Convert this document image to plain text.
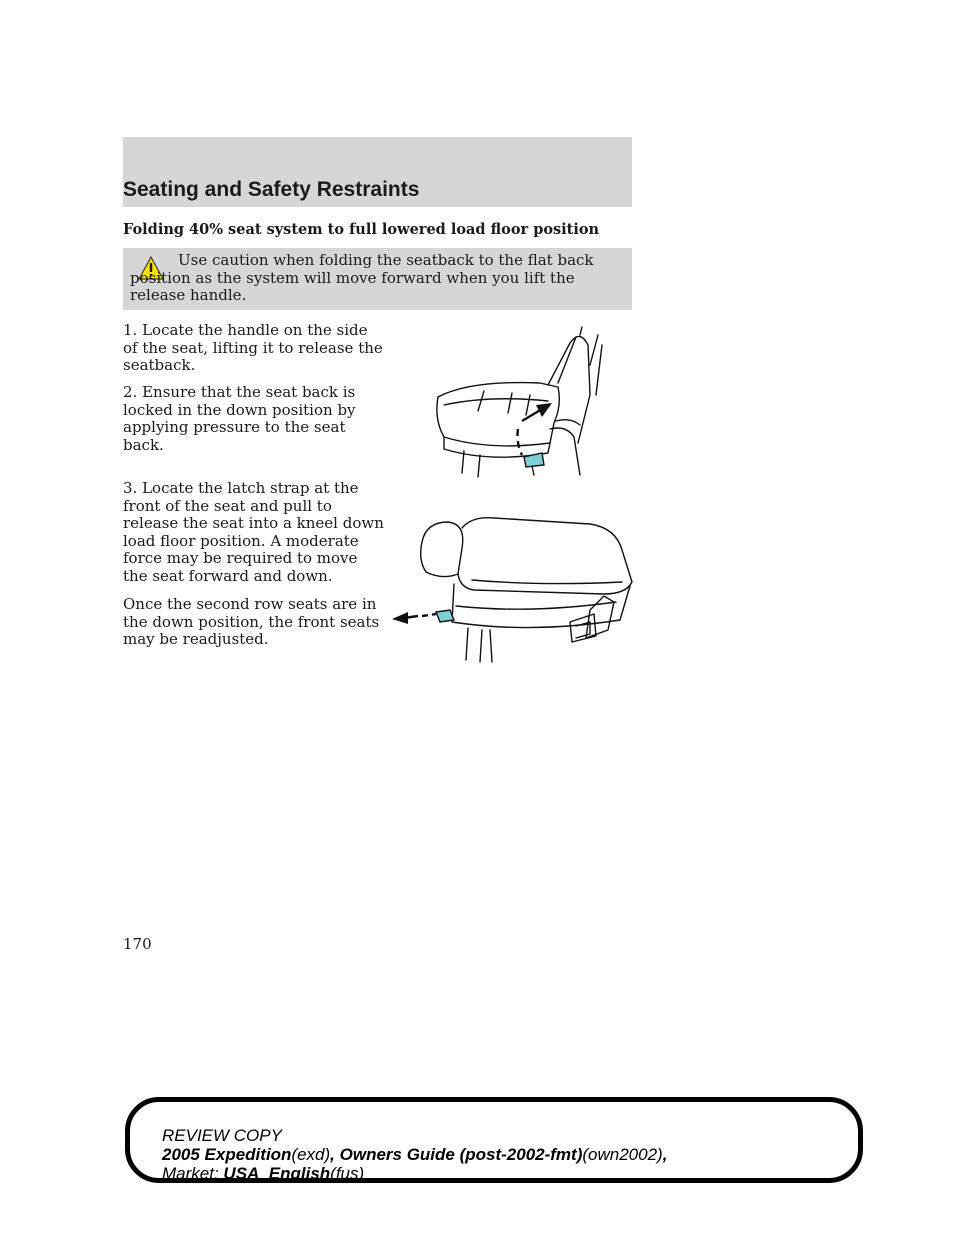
Seating and Safety Restraints

Folding 40% seat system to full lowered load floor position

Use caution when folding the seatback to the flat back position as the system will move forward when you lift the release handle.

1. Locate the handle on the side of the seat, lifting it to release the seatback.

2. Ensure that the seat back is locked in the down position by applying pressure to the seat back.

3. Locate the latch strap at the front of the seat and pull to release the seat into a kneel down load floor position. A moderate force may be required to move the seat forward and down.

Once the second row seats are in the down position, the front seats may be readjusted.

170

REVIEW COPY

2005 Expedition(exd), Owners Guide (post-2002-fmt)(own2002),

Market: USA_English(fus)
